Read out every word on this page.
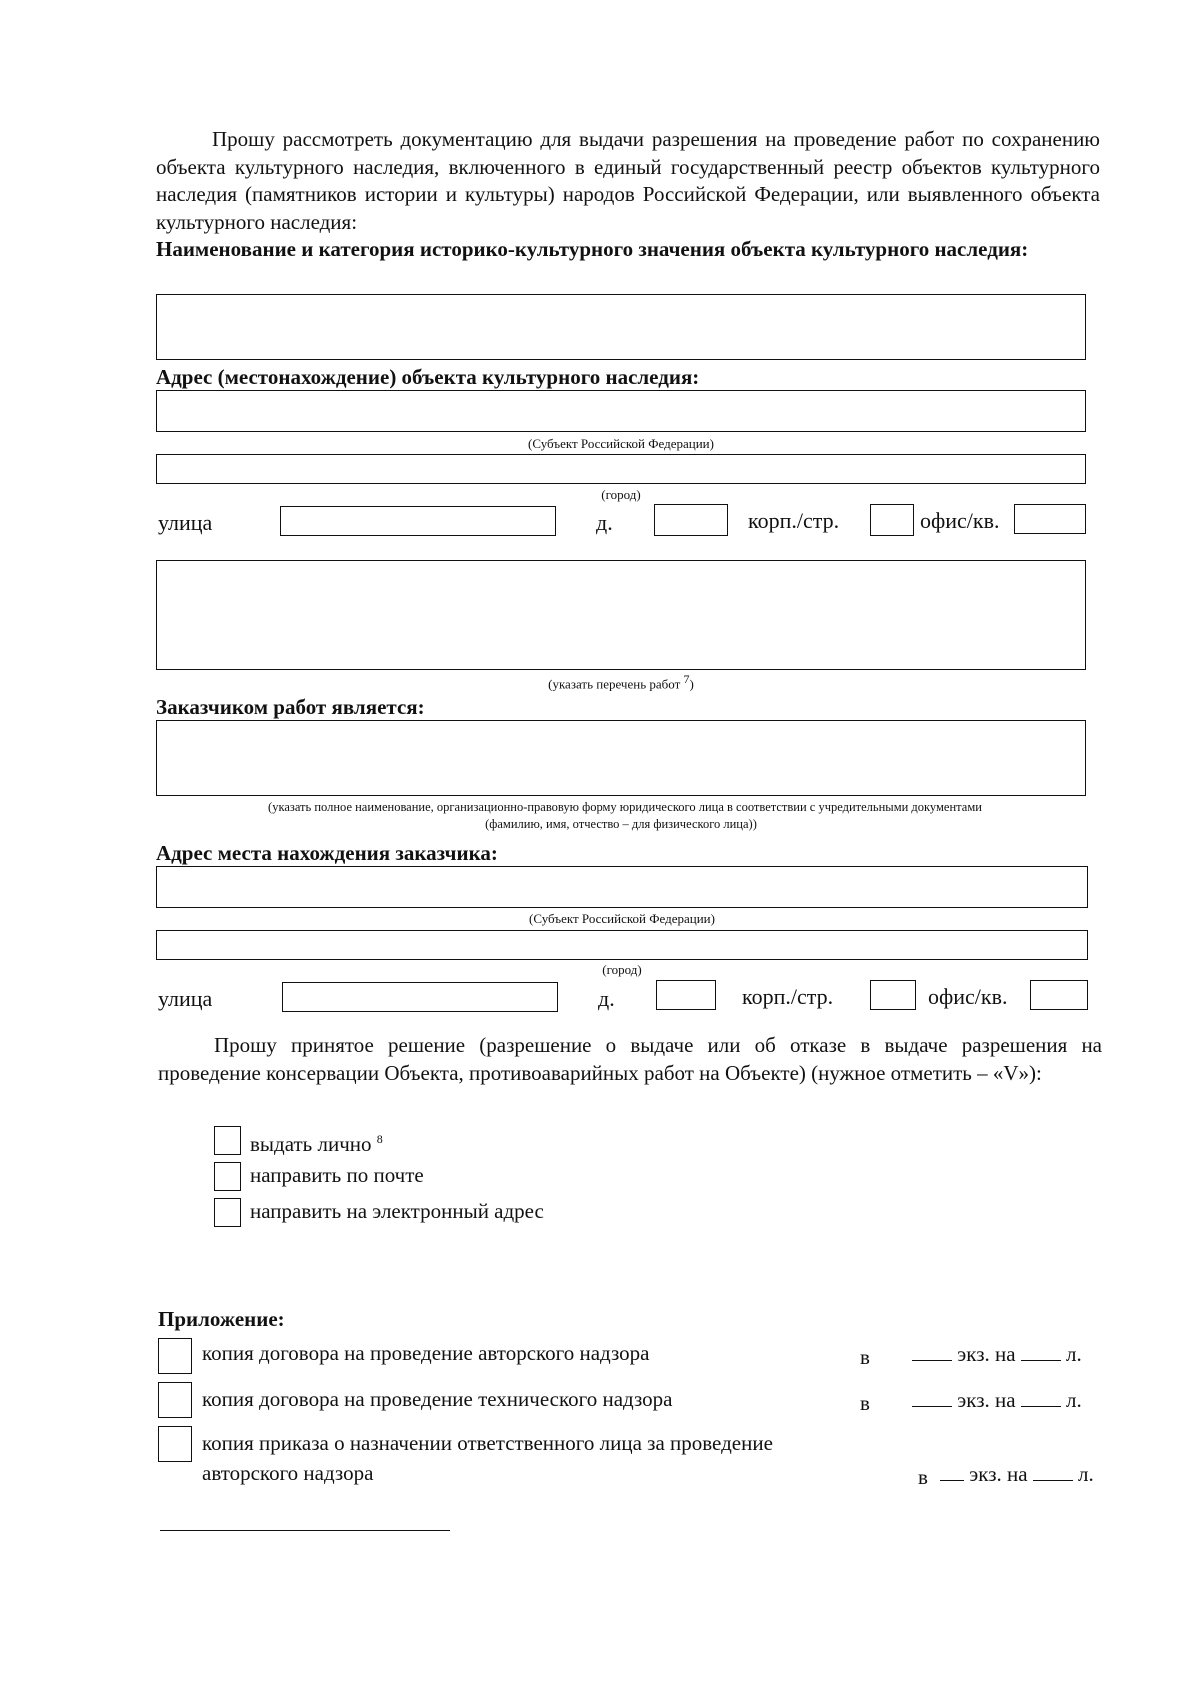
Прошу рассмотреть документацию для выдачи разрешения на проведение работ по сохранению объекта культурного наследия, включенного в единый государственный реестр объектов культурного наследия (памятников истории и культуры) народов Российской Федерации, или выявленного объекта культурного наследия:
Наименование и категория историко-культурного значения объекта культурного наследия:
Адрес (местонахождение) объекта культурного наследия:
(Субъект Российской Федерации)
(город)
улица	д.	корп./стр.	офис/кв.
(указать перечень работ $^7$)
Заказчиком работ является:
(указать полное наименование, организационно-правовую форму юридического лица в соответствии с учредительными документами
(фамилию, имя, отчество – для физического лица))
Адрес места нахождения заказчика:
(Субъект Российской Федерации)
(город)
улица	д.	корп./стр.	офис/кв.
Прошу принятое решение (разрешение о выдаче или об отказе в выдаче разрешения на проведение консервации Объекта, противоаварийных работ на Объекте) (нужное отметить – «V»):
выдать лично $^8$
направить по почте
направить на электронный адрес
Приложение:
копия договора на проведение авторского надзора	в	экз. на л.
копия договора на проведение технического надзора	в	экз. на л.
копия приказа о назначении ответственного лица за проведение
авторского надзора	в	экз. на л.
